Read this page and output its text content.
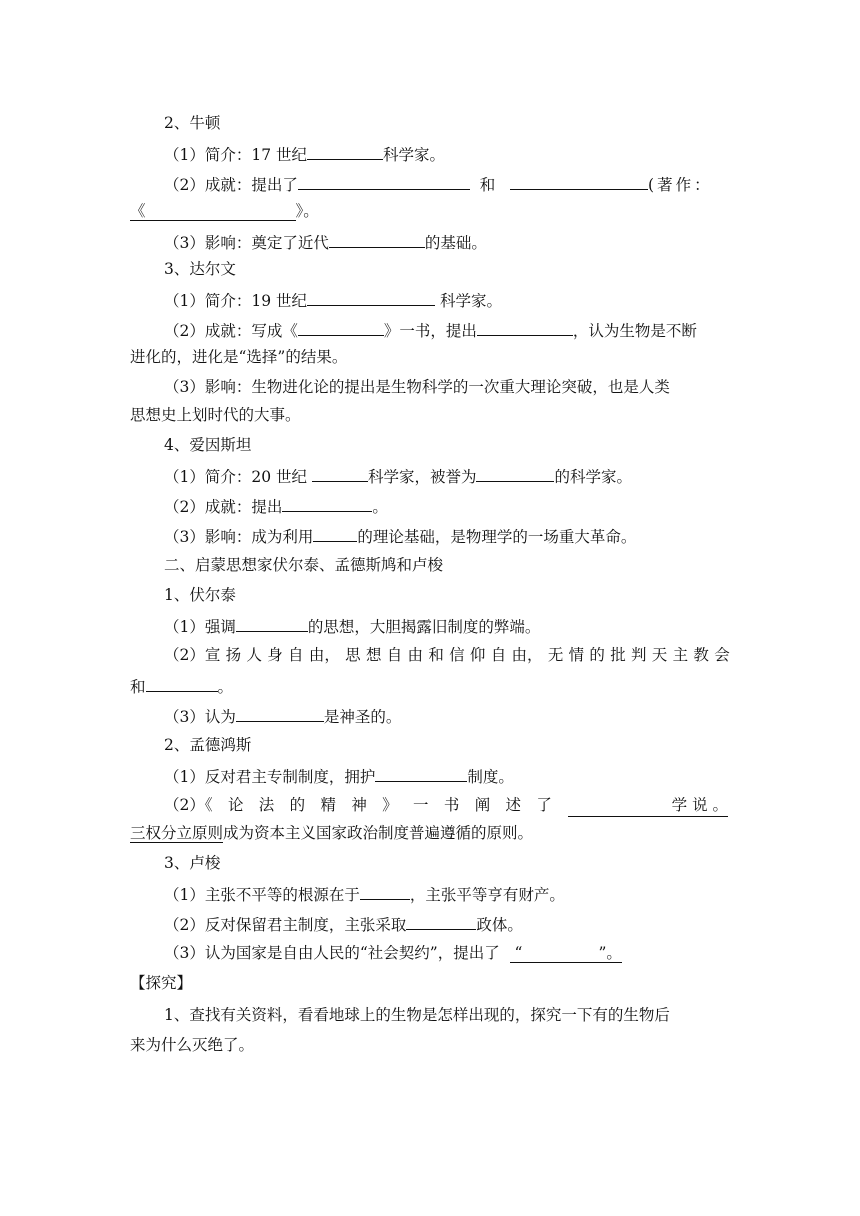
2、牛顿
（1）简介：17 世纪	科学家。
（2）成就：提出了	和	(著作：
《	》。
（3）影响：奠定了近代	的基础。
3、达尔文
（1）简介：19 世纪	科学家。
（2）成就：写成《	》一书，提出	，认为生物是不断
进化的，进化是“选择”的结果。
（3）影响：生物进化论的提出是生物科学的一次重大理论突破，也是人类
思想史上划时代的大事。
4、爱因斯坦
（1）简介：20 世纪	科学家，被誉为	的科学家。
（2）成就：提出	。
（3）影响：成为利用	的理论基础，是物理学的一场重大革命。
二、启蒙思想家伏尔泰、孟德斯鸠和卢梭
1、伏尔泰
（1）强调	的思想，大胆揭露旧制度的弊端。
（2）宣 扬 人 身 自 由， 思 想 自 由 和 信 仰 自 由， 无 情 的 批 判 天 主 教 会
和	。
（3）认为	是神圣的。
2、孟德鸿斯
（1）反对君主专制制度，拥护	制度。
（2）《 论 法 的 精 神 》 一 书 阐 述 了	学 说 。
三权分立原则成为资本主义国家政治制度普遍遵循的原则。
3、卢梭
（1）主张不平等的根源在于	，主张平等亨有财产。
（2）反对保留君主制度，主张采取	政体。
（3）认为国家是自由人民的“社会契约”，提出了 “	”。
【探究】
1、查找有关资料，看看地球上的生物是怎样出现的，探究一下有的生物后
来为什么灭绝了。
